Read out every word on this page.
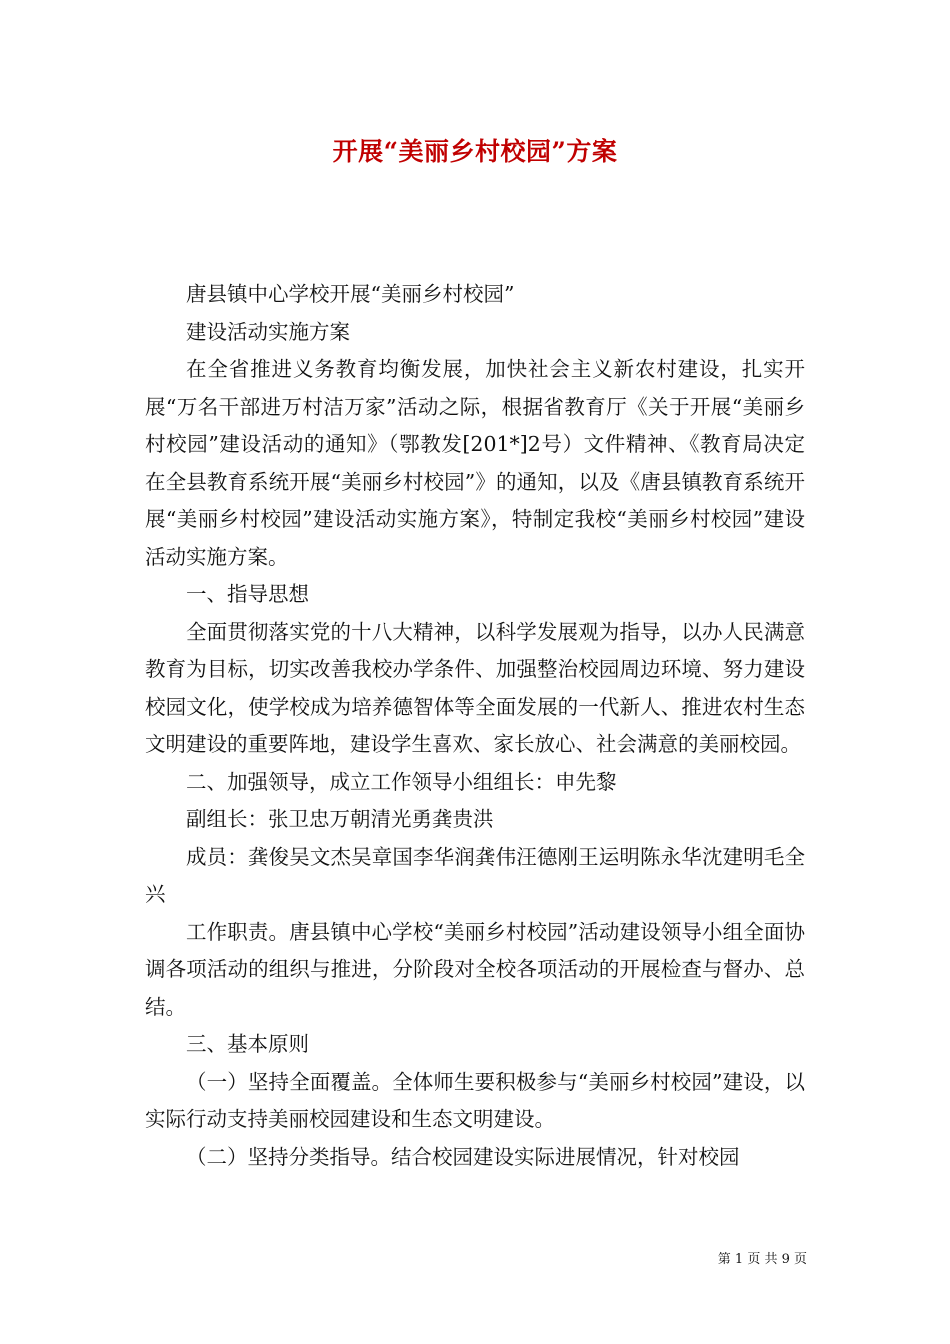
开展“美丽乡村校园”方案

唐县镇中心学校开展“美丽乡村校园”

建设活动实施方案

在全省推进义务教育均衡发展，加快社会主义新农村建设，扎实开展“万名干部进万村洁万家”活动之际，根据省教育厅《关于开展“美丽乡村校园”建设活动的通知》（鄂教发[201*]2号）文件精神、《教育局决定在全县教育系统开展“美丽乡村校园”》的通知，以及《唐县镇教育系统开展“美丽乡村校园”建设活动实施方案》，特制定我校“美丽乡村校园”建设活动实施方案。

一、指导思想

全面贯彻落实党的十八大精神，以科学发展观为指导，以办人民满意教育为目标，切实改善我校办学条件、加强整治校园周边环境、努力建设校园文化，使学校成为培养德智体等全面发展的一代新人、推进农村生态文明建设的重要阵地，建设学生喜欢、家长放心、社会满意的美丽校园。

二、加强领导，成立工作领导小组组长：申先黎

副组长：张卫忠万朝清光勇龚贵洪

成员：龚俊吴文杰吴章国李华润龚伟汪德刚王运明陈永华沈建明毛全兴

工作职责。唐县镇中心学校“美丽乡村校园”活动建设领导小组全面协调各项活动的组织与推进，分阶段对全校各项活动的开展检查与督办、总结。

三、基本原则

（一）坚持全面覆盖。全体师生要积极参与“美丽乡村校园”建设，以实际行动支持美丽校园建设和生态文明建设。

（二）坚持分类指导。结合校园建设实际进展情况，针对校园

第 1 页 共 9 页
